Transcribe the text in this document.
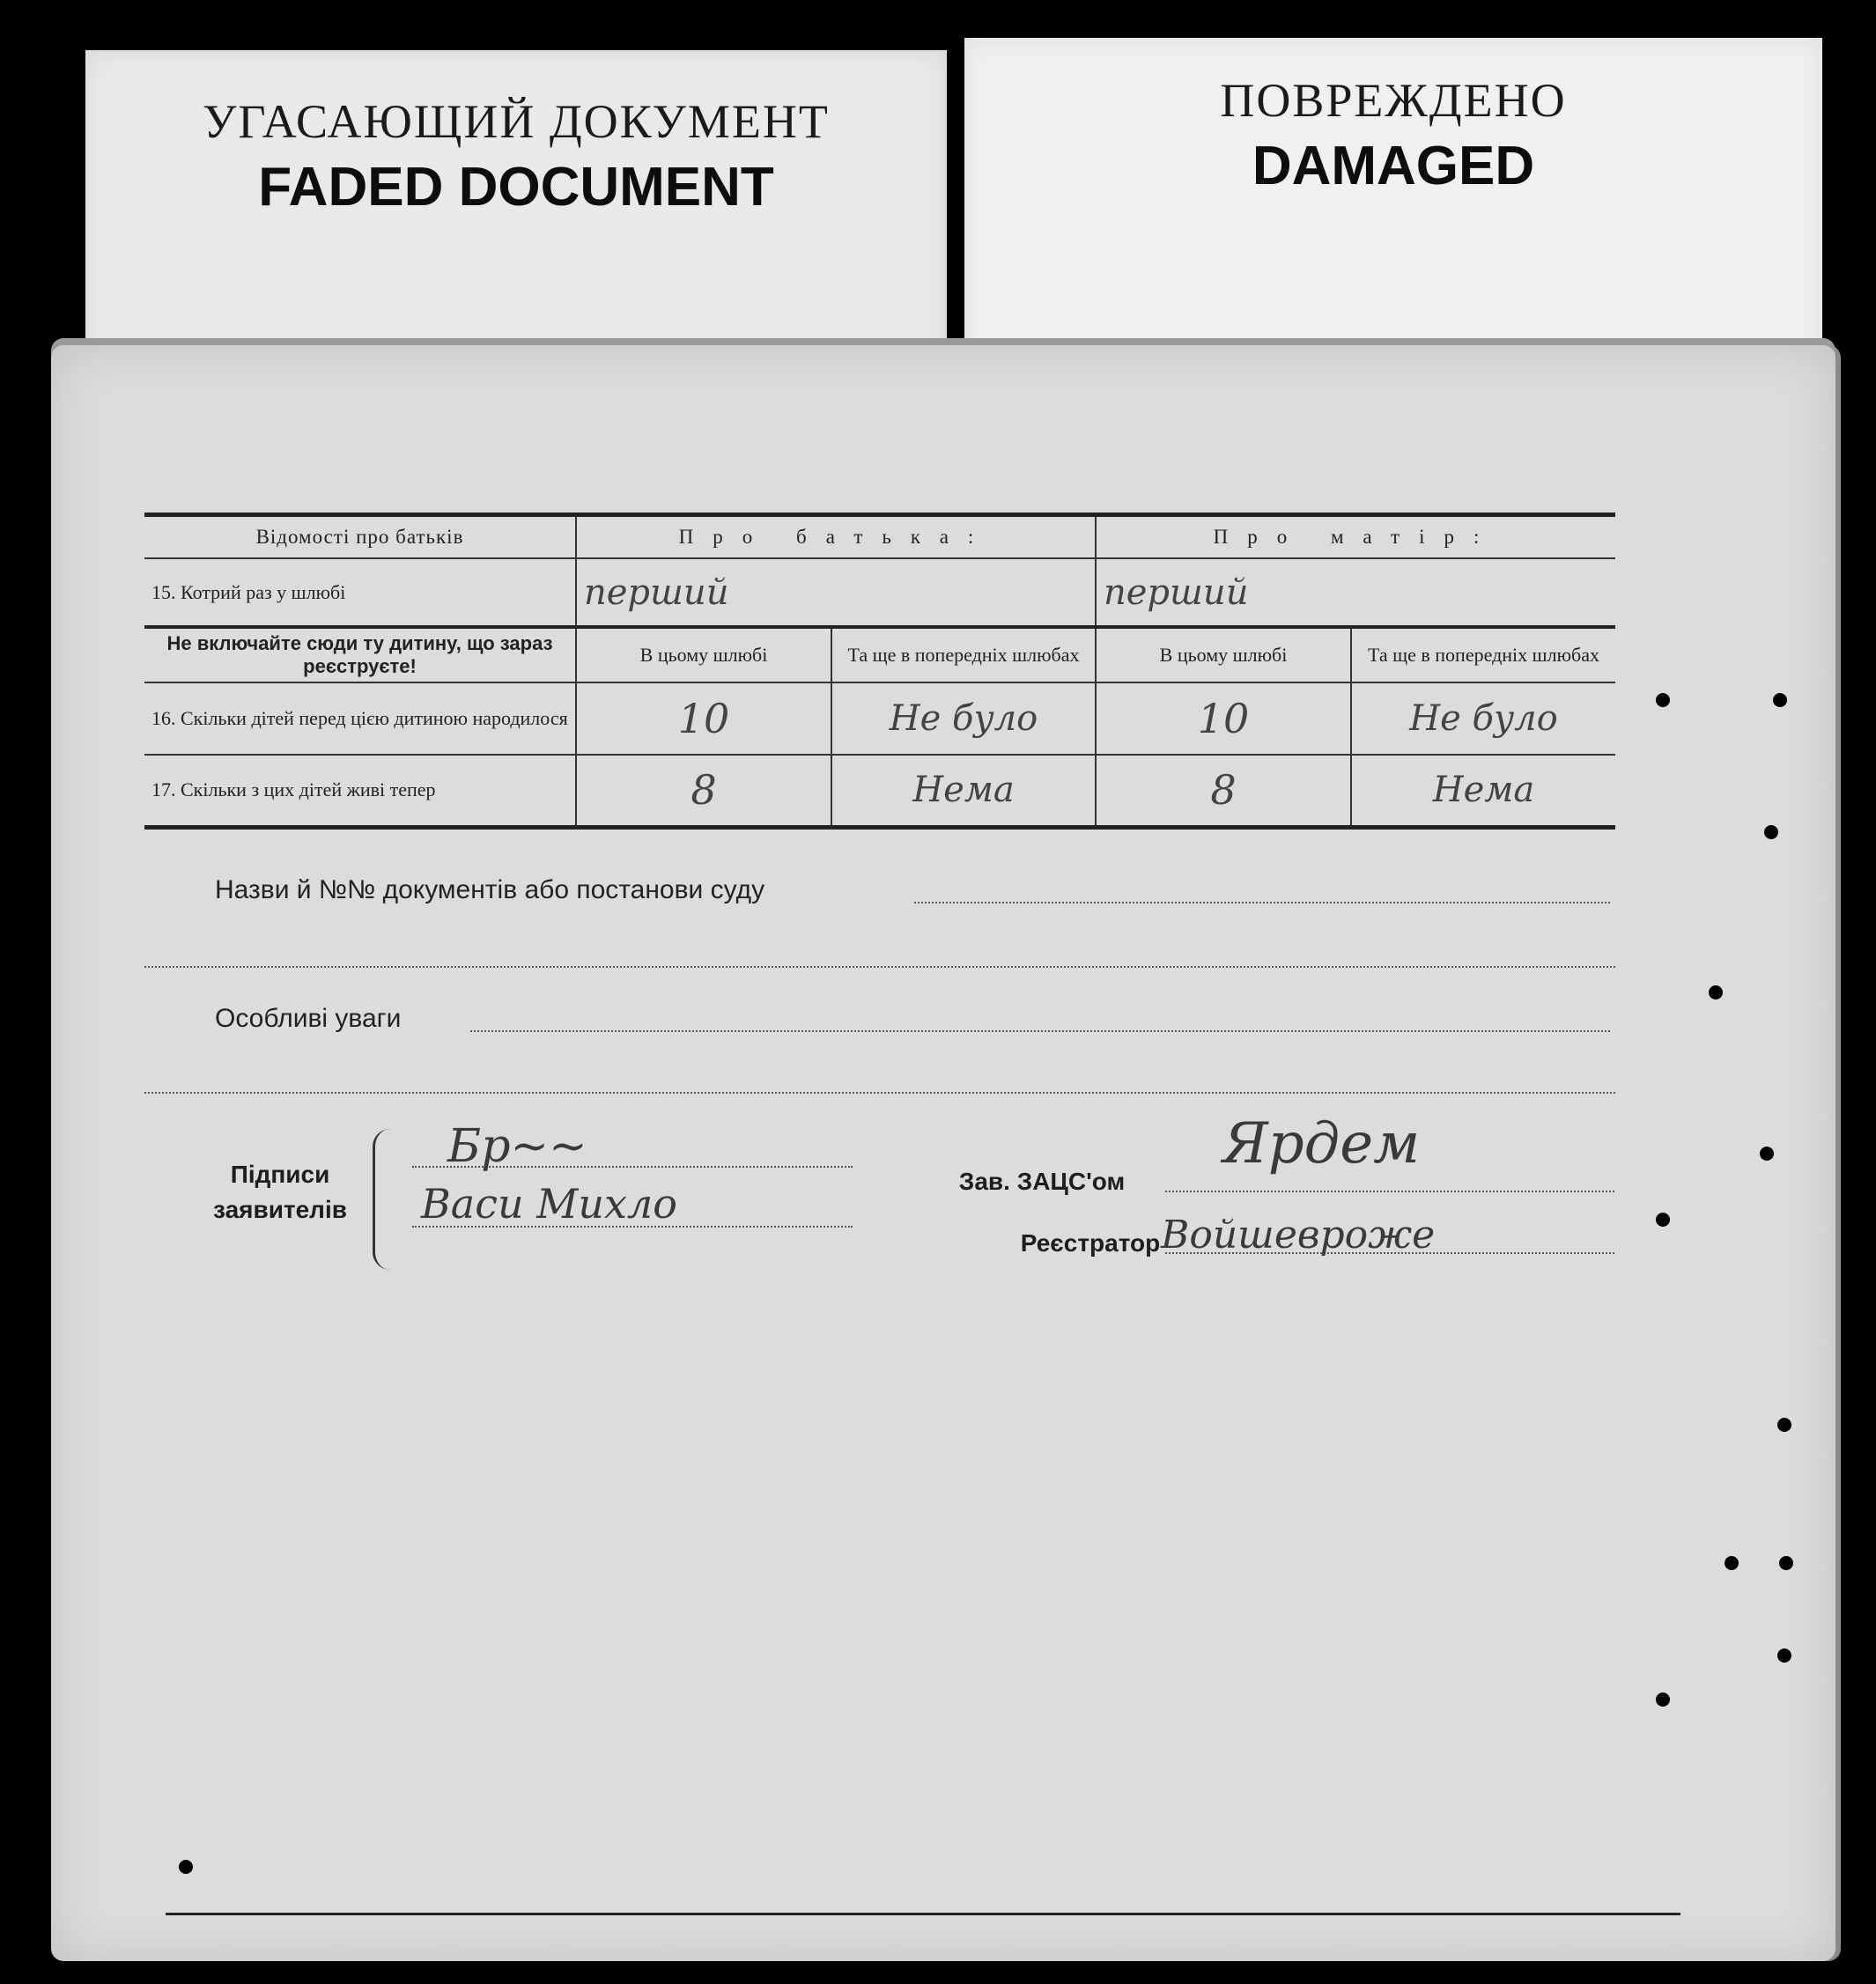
УГАСАЮЩИЙ ДОКУМЕНТ
FADED DOCUMENT
ПОВРЕЖДЕНО
DAMAGED
Відомості про батьків	Про батька:		Про матір:	
15. Котрий раз у шлюбі	перший		перший	
Не включайте сюди ту дитину, що зараз реєструєте!	В цьому шлюбі	Та ще в попередніх шлюбах	В цьому шлюбі	Та ще в попередніх шлюбах
16. Скільки дітей перед цією дитиною народилося	10	Не було	10	Не було
17. Скільки з цих дітей живі тепер	8	Нема	8	Нема
Назви й №№ документів або постанови суду
Особливі уваги
Підписи заявителів
Бр~~
Васи Михло	Зав. ЗАЦС'ом
Ярдем
Реєстратор Войшевроже
